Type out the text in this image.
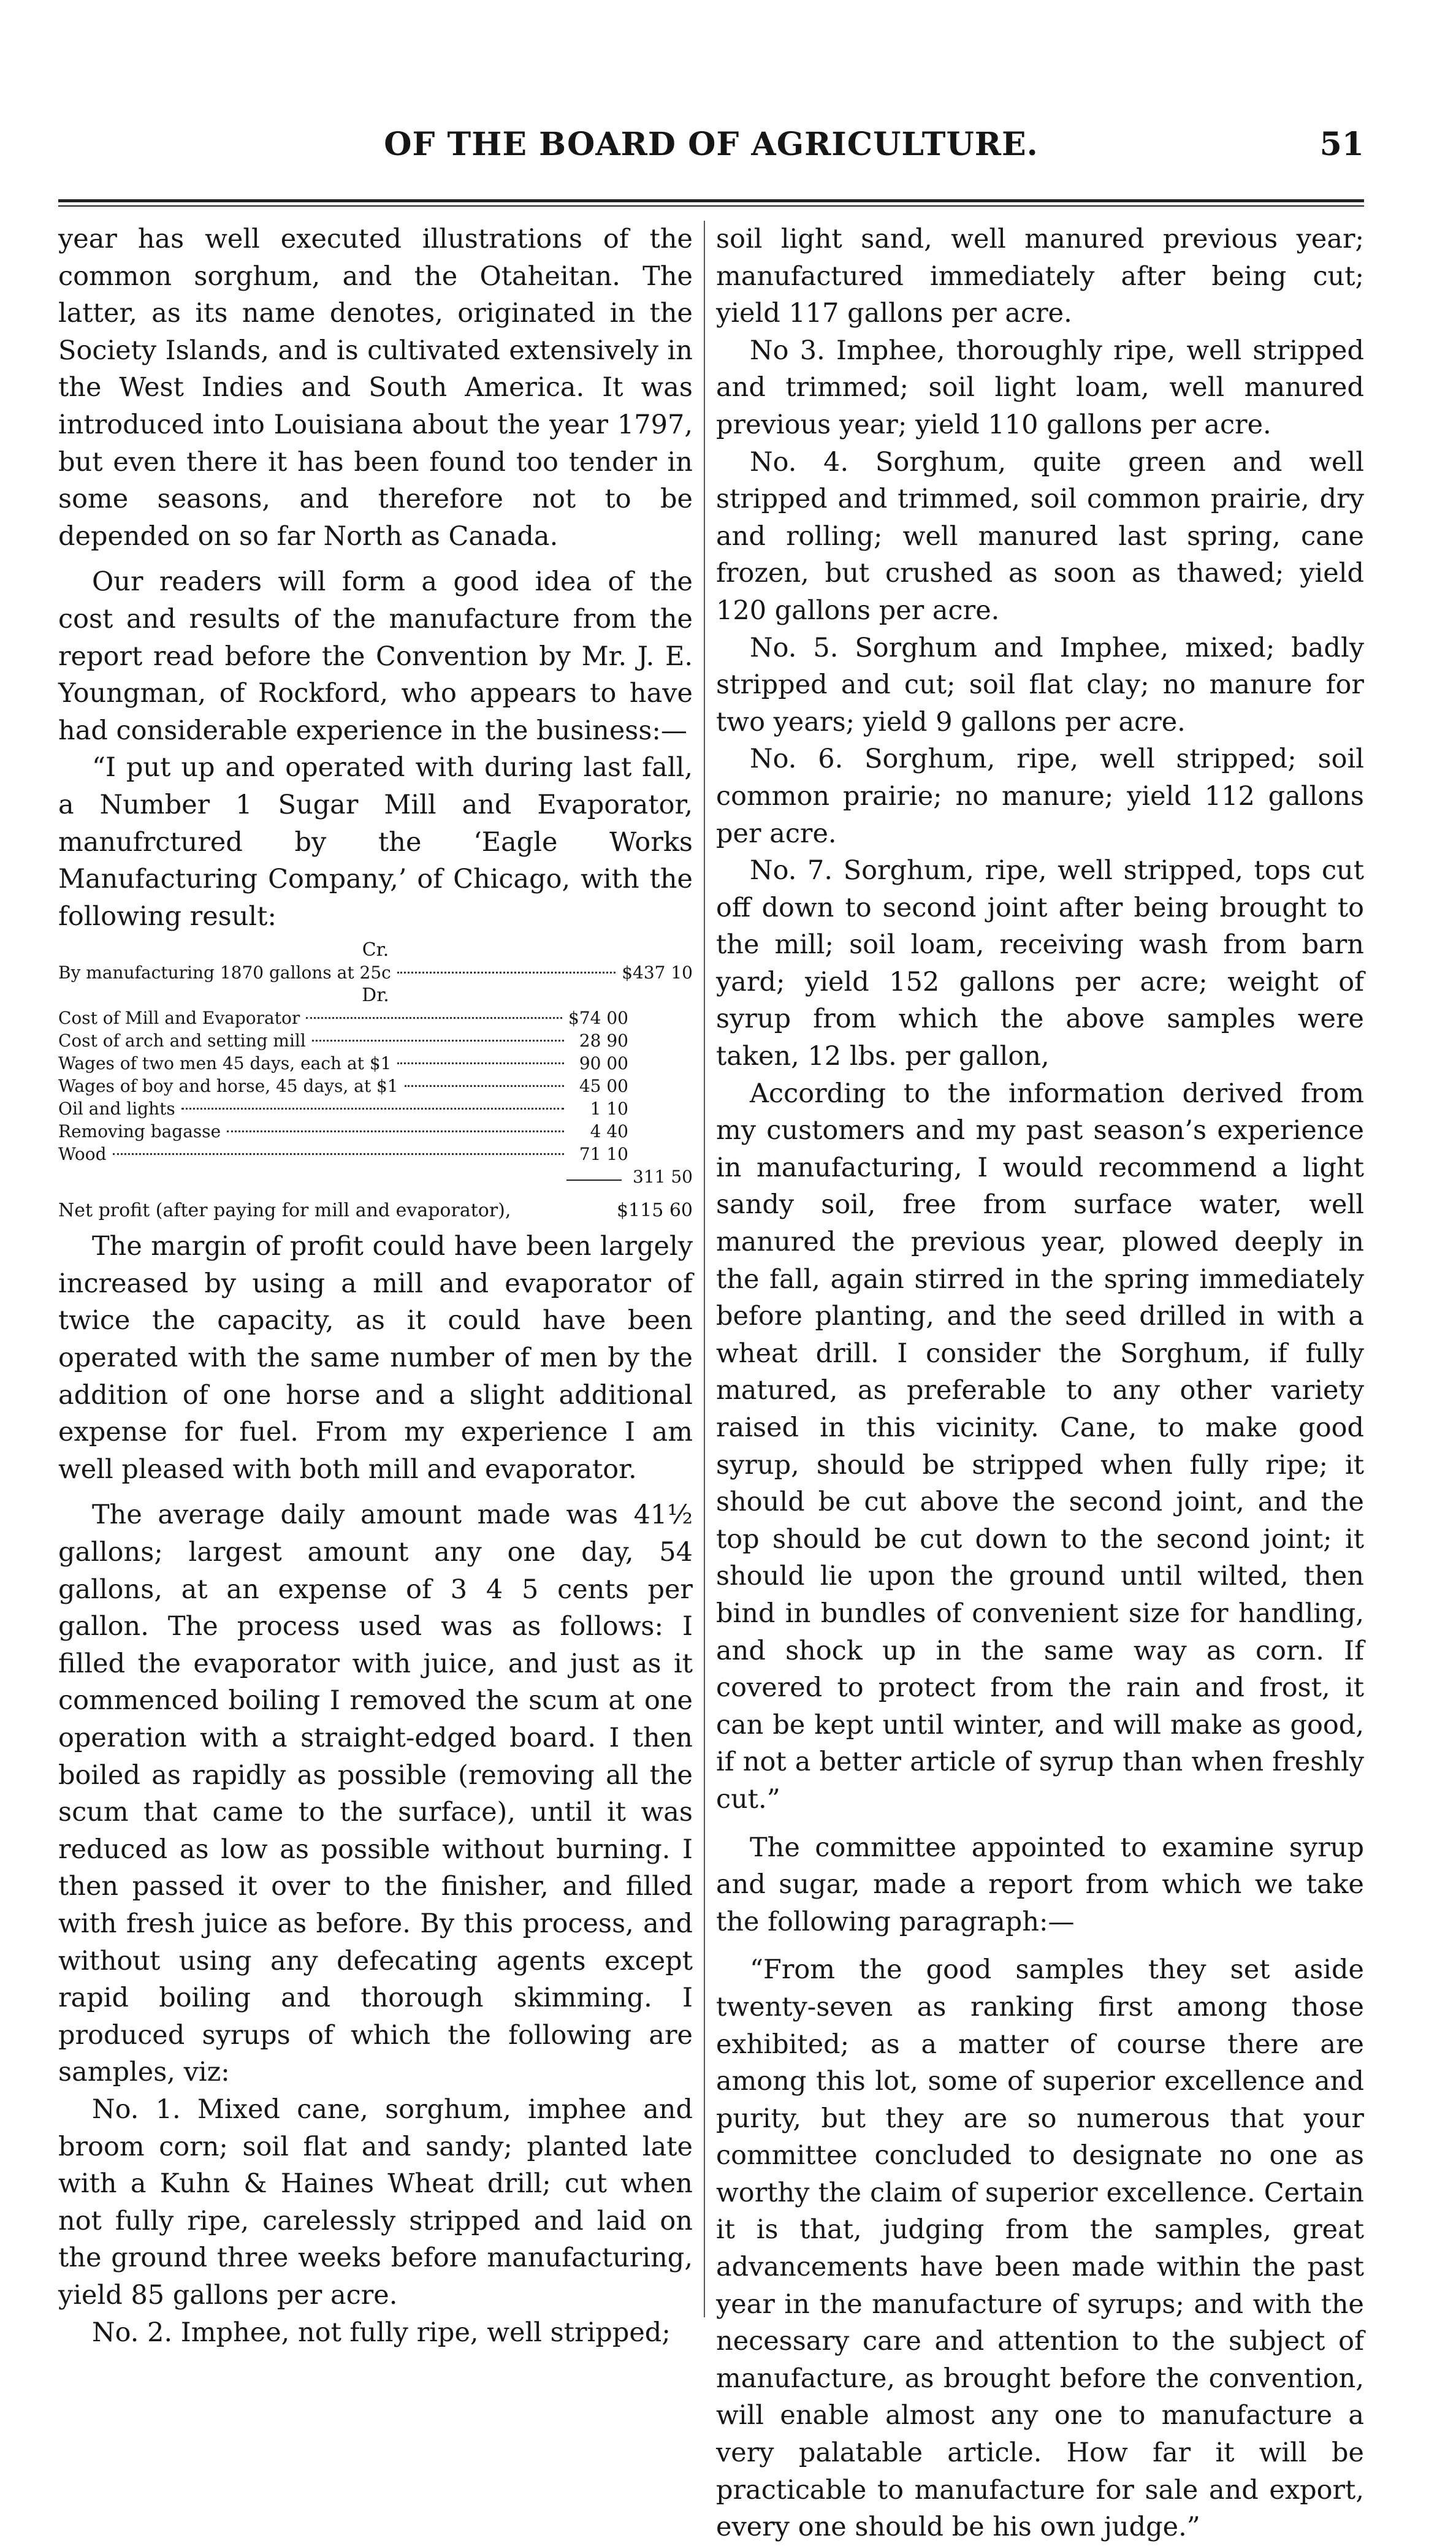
OF THE BOARD OF AGRICULTURE.	51

year has well executed illustrations of the common sorghum, and the Otaheitan. The latter, as its name denotes, originated in the Society Islands, and is cultivated extensively in the West Indies and South America. It was introduced into Louisiana about the year 1797, but even there it has been found too tender in some seasons, and therefore not to be depended on so far North as Canada.

Our readers will form a good idea of the cost and results of the manufacture from the report read before the Convention by Mr. J. E. Youngman, of Rockford, who appears to have had considerable experience in the business:—

“I put up and operated with during last fall, a Number 1 Sugar Mill and Evaporator, manufrctured by the ‘Eagle Works Manufacturing Company,’ of Chicago, with the following result:

Cr.
By manufacturing 1870 gallons at 25c	$437 10
Dr.
Cost of Mill and Evaporator	$74 00
Cost of arch and setting mill	28 90
Wages of two men 45 days, each at $1	90 00
Wages of boy and horse, 45 days, at $1	45 00
Oil and lights	1 10
Removing bagasse	4 40
Wood	71 10
311 50
Net profit (after paying for mill and evaporator),	$115 60

The margin of profit could have been largely increased by using a mill and evaporator of twice the capacity, as it could have been operated with the same number of men by the addition of one horse and a slight additional expense for fuel. From my experience I am well pleased with both mill and evaporator.

The average daily amount made was 41½ gallons; largest amount any one day, 54 gallons, at an expense of 3 4 5 cents per gallon. The process used was as follows: I filled the evaporator with juice, and just as it commenced boiling I removed the scum at one operation with a straight-edged board. I then boiled as rapidly as possible (removing all the scum that came to the surface), until it was reduced as low as possible without burning. I then passed it over to the finisher, and filled with fresh juice as before. By this process, and without using any defecating agents except rapid boiling and thorough skimming. I produced syrups of which the following are samples, viz:

No. 1. Mixed cane, sorghum, imphee and broom corn; soil flat and sandy; planted late with a Kuhn & Haines Wheat drill; cut when not fully ripe, carelessly stripped and laid on the ground three weeks before manufacturing, yield 85 gallons per acre.

No. 2. Imphee, not fully ripe, well stripped;

soil light sand, well manured previous year; manufactured immediately after being cut; yield 117 gallons per acre.

No 3. Imphee, thoroughly ripe, well stripped and trimmed; soil light loam, well manured previous year; yield 110 gallons per acre.

No. 4. Sorghum, quite green and well stripped and trimmed, soil common prairie, dry and rolling; well manured last spring, cane frozen, but crushed as soon as thawed; yield 120 gallons per acre.

No. 5. Sorghum and Imphee, mixed; badly stripped and cut; soil flat clay; no manure for two years; yield 9 gallons per acre.

No. 6. Sorghum, ripe, well stripped; soil common prairie; no manure; yield 112 gallons per acre.

No. 7. Sorghum, ripe, well stripped, tops cut off down to second joint after being brought to the mill; soil loam, receiving wash from barn yard; yield 152 gallons per acre; weight of syrup from which the above samples were taken, 12 lbs. per gallon,

According to the information derived from my customers and my past season’s experience in manufacturing, I would recommend a light sandy soil, free from surface water, well manured the previous year, plowed deeply in the fall, again stirred in the spring immediately before planting, and the seed drilled in with a wheat drill. I consider the Sorghum, if fully matured, as preferable to any other variety raised in this vicinity. Cane, to make good syrup, should be stripped when fully ripe; it should be cut above the second joint, and the top should be cut down to the second joint; it should lie upon the ground until wilted, then bind in bundles of convenient size for handling, and shock up in the same way as corn. If covered to protect from the rain and frost, it can be kept until winter, and will make as good, if not a better article of syrup than when freshly cut.”

The committee appointed to examine syrup and sugar, made a report from which we take the following paragraph:—

“From the good samples they set aside twenty-seven as ranking first among those exhibited; as a matter of course there are among this lot, some of superior excellence and purity, but they are so numerous that your committee concluded to designate no one as worthy the claim of superior excellence. Certain it is that, judging from the samples, great advancements have been made within the past year in the manufacture of syrups; and with the necessary care and attention to the subject of manufacture, as brought before the convention, will enable almost any one to manufacture a very palatable article. How far it will be practicable to manufacture for sale and export, every one should be his own judge.”
